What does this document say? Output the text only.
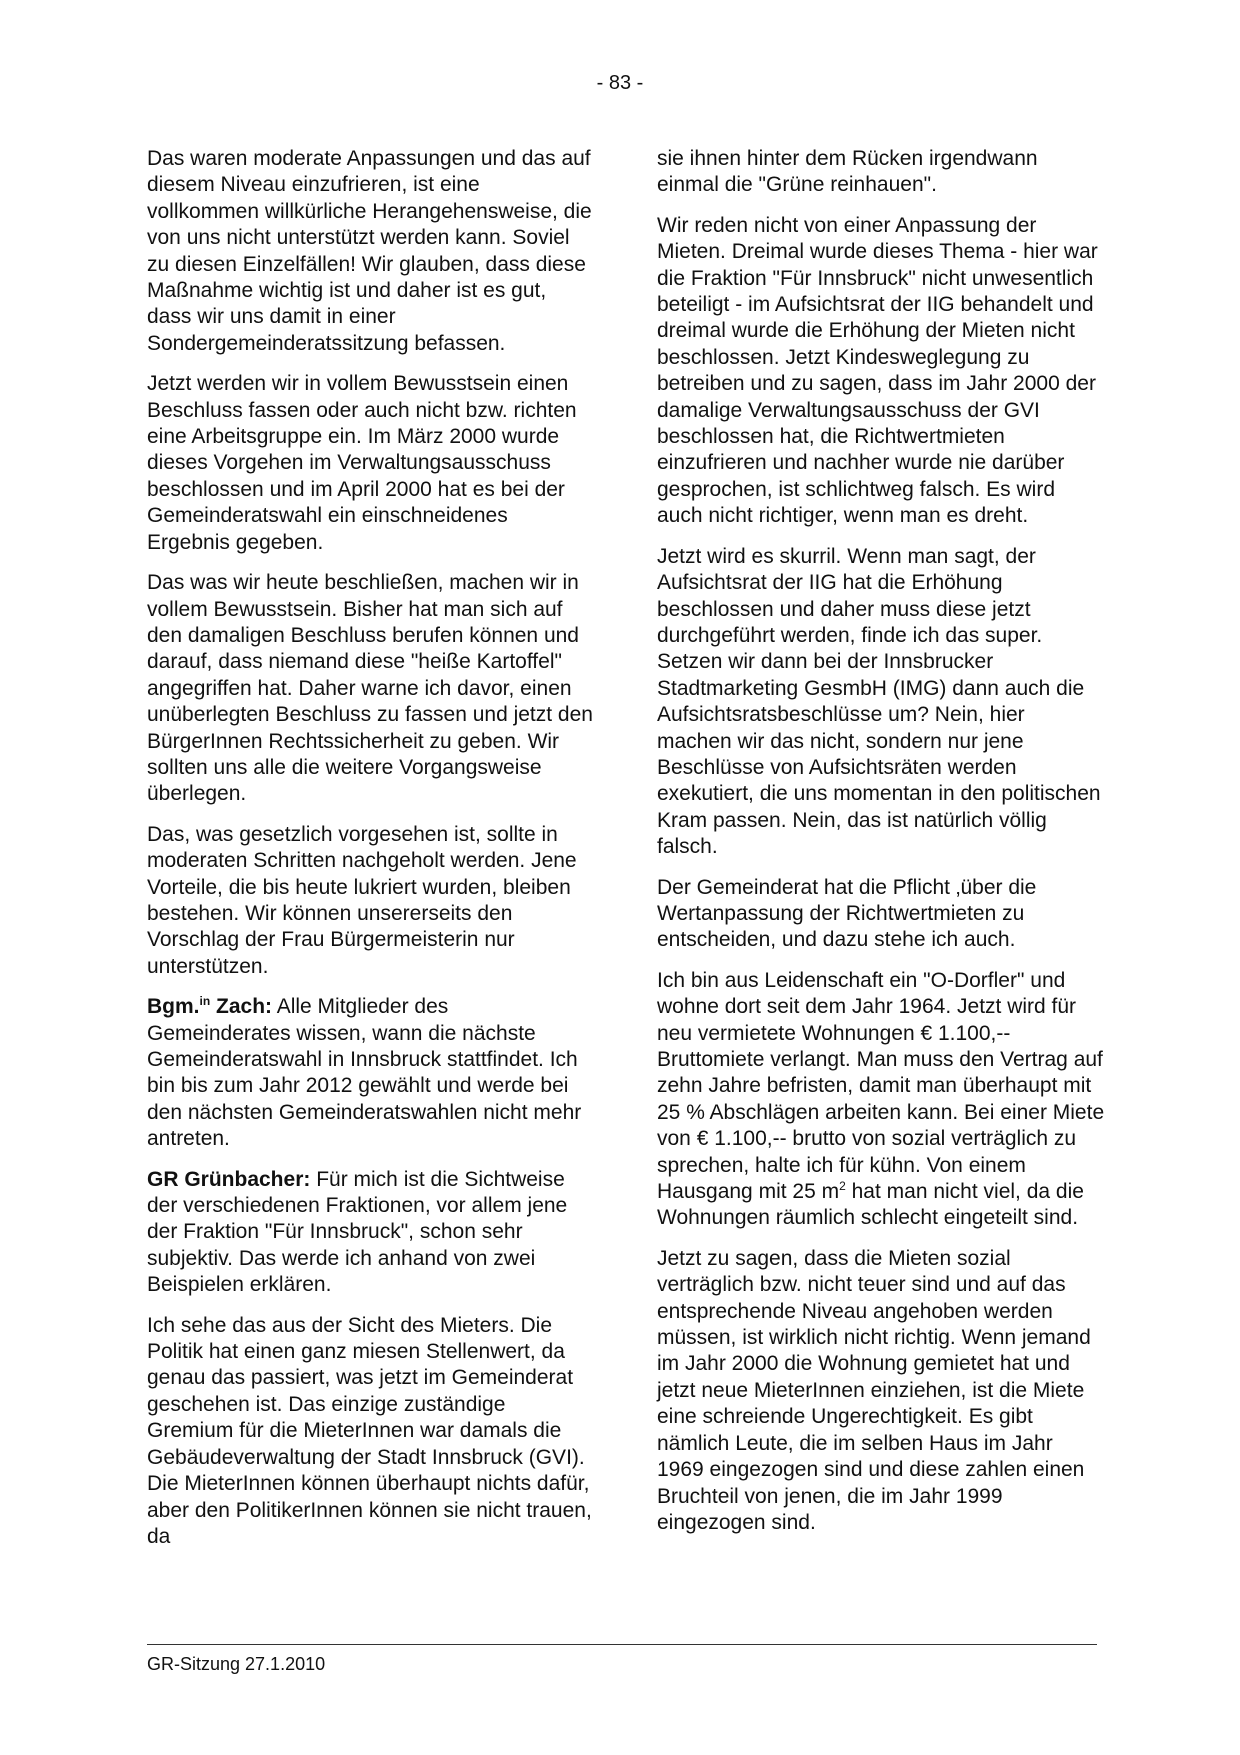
- 83 -

Das waren moderate Anpassungen und das auf diesem Niveau einzufrieren, ist eine vollkommen willkürliche Herangehensweise, die von uns nicht unterstützt werden kann. Soviel zu diesen Einzelfällen! Wir glauben, dass diese Maßnahme wichtig ist und daher ist es gut, dass wir uns damit in einer Sondergemeinderatssitzung befassen.

Jetzt werden wir in vollem Bewusstsein einen Beschluss fassen oder auch nicht bzw. richten eine Arbeitsgruppe ein. Im März 2000 wurde dieses Vorgehen im Verwaltungsausschuss beschlossen und im April 2000 hat es bei der Gemeinderatswahl ein einschneidenes Ergebnis gegeben.

Das was wir heute beschließen, machen wir in vollem Bewusstsein. Bisher hat man sich auf den damaligen Beschluss berufen können und darauf, dass niemand diese "heiße Kartoffel" angegriffen hat. Daher warne ich davor, einen unüberlegten Beschluss zu fassen und jetzt den BürgerInnen Rechtssicherheit zu geben. Wir sollten uns alle die weitere Vorgangsweise überlegen.

Das, was gesetzlich vorgesehen ist, sollte in moderaten Schritten nachgeholt werden. Jene Vorteile, die bis heute lukriert wurden, bleiben bestehen. Wir können unsererseits den Vorschlag der Frau Bürgermeisterin nur unterstützen.

Bgm.$^{in}$ Zach: Alle Mitglieder des Gemeinderates wissen, wann die nächste Gemeinderatswahl in Innsbruck stattfindet. Ich bin bis zum Jahr 2012 gewählt und werde bei den nächsten Gemeinderatswahlen nicht mehr antreten.

GR Grünbacher: Für mich ist die Sichtweise der verschiedenen Fraktionen, vor allem jene der Fraktion "Für Innsbruck", schon sehr subjektiv. Das werde ich anhand von zwei Beispielen erklären.

Ich sehe das aus der Sicht des Mieters. Die Politik hat einen ganz miesen Stellenwert, da genau das passiert, was jetzt im Gemeinderat geschehen ist. Das einzige zuständige Gremium für die MieterInnen war damals die Gebäudeverwaltung der Stadt Innsbruck (GVI). Die MieterInnen können überhaupt nichts dafür, aber den PolitikerInnen können sie nicht trauen, da

sie ihnen hinter dem Rücken irgendwann einmal die "Grüne reinhauen".

Wir reden nicht von einer Anpassung der Mieten. Dreimal wurde dieses Thema - hier war die Fraktion "Für Innsbruck" nicht unwesentlich beteiligt - im Aufsichtsrat der IIG behandelt und dreimal wurde die Erhöhung der Mieten nicht beschlossen. Jetzt Kindesweglegung zu betreiben und zu sagen, dass im Jahr 2000 der damalige Verwaltungsausschuss der GVI beschlossen hat, die Richtwertmieten einzufrieren und nachher wurde nie darüber gesprochen, ist schlichtweg falsch. Es wird auch nicht richtiger, wenn man es dreht.

Jetzt wird es skurril. Wenn man sagt, der Aufsichtsrat der IIG hat die Erhöhung beschlossen und daher muss diese jetzt durchgeführt werden, finde ich das super. Setzen wir dann bei der Innsbrucker Stadtmarketing GesmbH (IMG) dann auch die Aufsichtsratsbeschlüsse um? Nein, hier machen wir das nicht, sondern nur jene Beschlüsse von Aufsichtsräten werden exekutiert, die uns momentan in den politischen Kram passen. Nein, das ist natürlich völlig falsch.

Der Gemeinderat hat die Pflicht ‚über die Wertanpassung der Richtwertmieten zu entscheiden, und dazu stehe ich auch.

Ich bin aus Leidenschaft ein "O-Dorfler" und wohne dort seit dem Jahr 1964. Jetzt wird für neu vermietete Wohnungen € 1.100,-- Bruttomiete verlangt. Man muss den Vertrag auf zehn Jahre befristen, damit man überhaupt mit 25 % Abschlägen arbeiten kann. Bei einer Miete von € 1.100,-- brutto von sozial verträglich zu sprechen, halte ich für kühn. Von einem Hausgang mit 25 $m^2$ hat man nicht viel, da die Wohnungen räumlich schlecht eingeteilt sind.

Jetzt zu sagen, dass die Mieten sozial verträglich bzw. nicht teuer sind und auf das entsprechende Niveau angehoben werden müssen, ist wirklich nicht richtig. Wenn jemand im Jahr 2000 die Wohnung gemietet hat und jetzt neue MieterInnen einziehen, ist die Miete eine schreiende Ungerechtigkeit. Es gibt nämlich Leute, die im selben Haus im Jahr 1969 eingezogen sind und diese zahlen einen Bruchteil von jenen, die im Jahr 1999 eingezogen sind.

GR-Sitzung 27.1.2010
